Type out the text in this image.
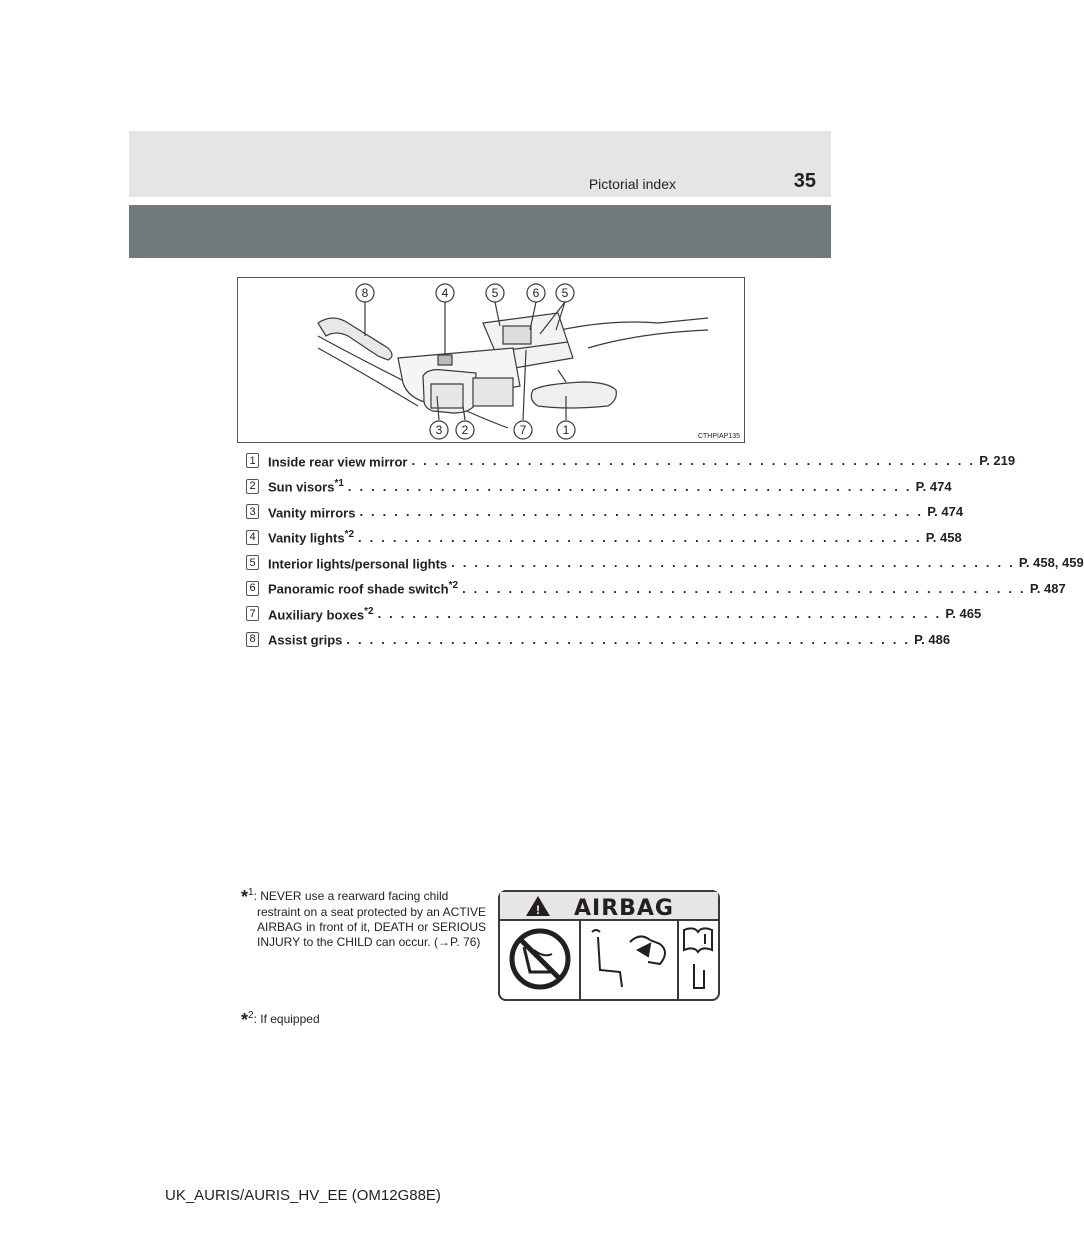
Pictorial index	35
8	4	5	6 5
3 2	7	1	CTHPIAP135
1 Inside rear view mirror . . . . . . . . . . . . . . . . . . . . . . . . . . . . . . . . . . . . . . . . . . . . . . . . . P. 219
2 Sun visors$^{*1}$ . . . . . . . . . . . . . . . . . . . . . . . . . . . . . . . . . . . . . . . . . . . . . . . . . P. 474
3 Vanity mirrors . . . . . . . . . . . . . . . . . . . . . . . . . . . . . . . . . . . . . . . . . . . . . . . . . P. 474
4 Vanity lights$^{*2}$ . . . . . . . . . . . . . . . . . . . . . . . . . . . . . . . . . . . . . . . . . . . . . . . . . P. 458
5 Interior lights/personal lights . . . . . . . . . . . . . . . . . . . . . . . . . . . . . . . . . . . . . . . . . . . . . . . . . P. 458, 459
6 Panoramic roof shade switch$^{*2}$ . . . . . . . . . . . . . . . . . . . . . . . . . . . . . . . . . . . . . . . . . . . . . . . . . P. 487
7 Auxiliary boxes$^{*2}$ . . . . . . . . . . . . . . . . . . . . . . . . . . . . . . . . . . . . . . . . . . . . . . . . . P. 465
8 Assist grips . . . . . . . . . . . . . . . . . . . . . . . . . . . . . . . . . . . . . . . . . . . . . . . . . P. 486
*$^1$: NEVER use a rearward facing child
restraint on a seat protected by an ACTIVE AIRBAG in front of it, DEATH or SERIOUS INJURY to the CHILD can occur. (→P. 76)
! AIRBAG
*$^2$: If equipped
UK_AURIS/AURIS_HV_EE (OM12G88E)
